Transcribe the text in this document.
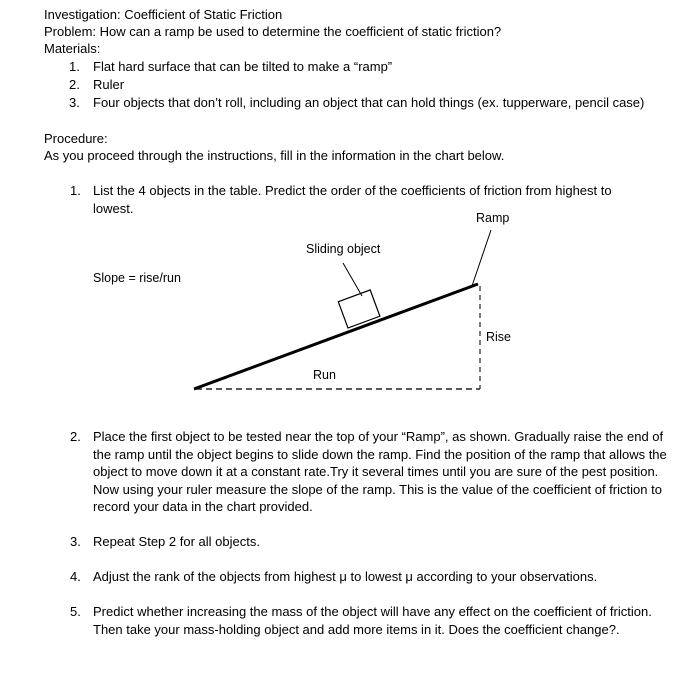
Investigation: Coefficient of Static Friction
Problem: How can a ramp be used to determine the coefficient of static friction?
Materials:
1. Flat hard surface that can be tilted to make a “ramp”
2. Ruler
3. Four objects that don’t roll, including an object that can hold things (ex. tupperware, pencil case)
Procedure:
As you proceed through the instructions, fill in the information in the chart below.
1. List the 4 objects in the table. Predict the order of the coefficients of friction from highest to lowest.
Ramp
Sliding object
Slope = rise/run
Rise
Run
2. Place the first object to be tested near the top of your “Ramp”, as shown. Gradually raise the end of the ramp until the object begins to slide down the ramp. Find the position of the ramp that allows the object to move down it at a constant rate.Try it several times until you are sure of the pest position. Now using your ruler measure the slope of the ramp. This is the value of the coefficient of friction to record your data in the chart provided.
3. Repeat Step 2 for all objects.
4. Adjust the rank of the objects from highest μ to lowest μ according to your observations.
5. Predict whether increasing the mass of the object will have any effect on the coefficient of friction. Then take your mass-holding object and add more items in it. Does the coefficient change?.
